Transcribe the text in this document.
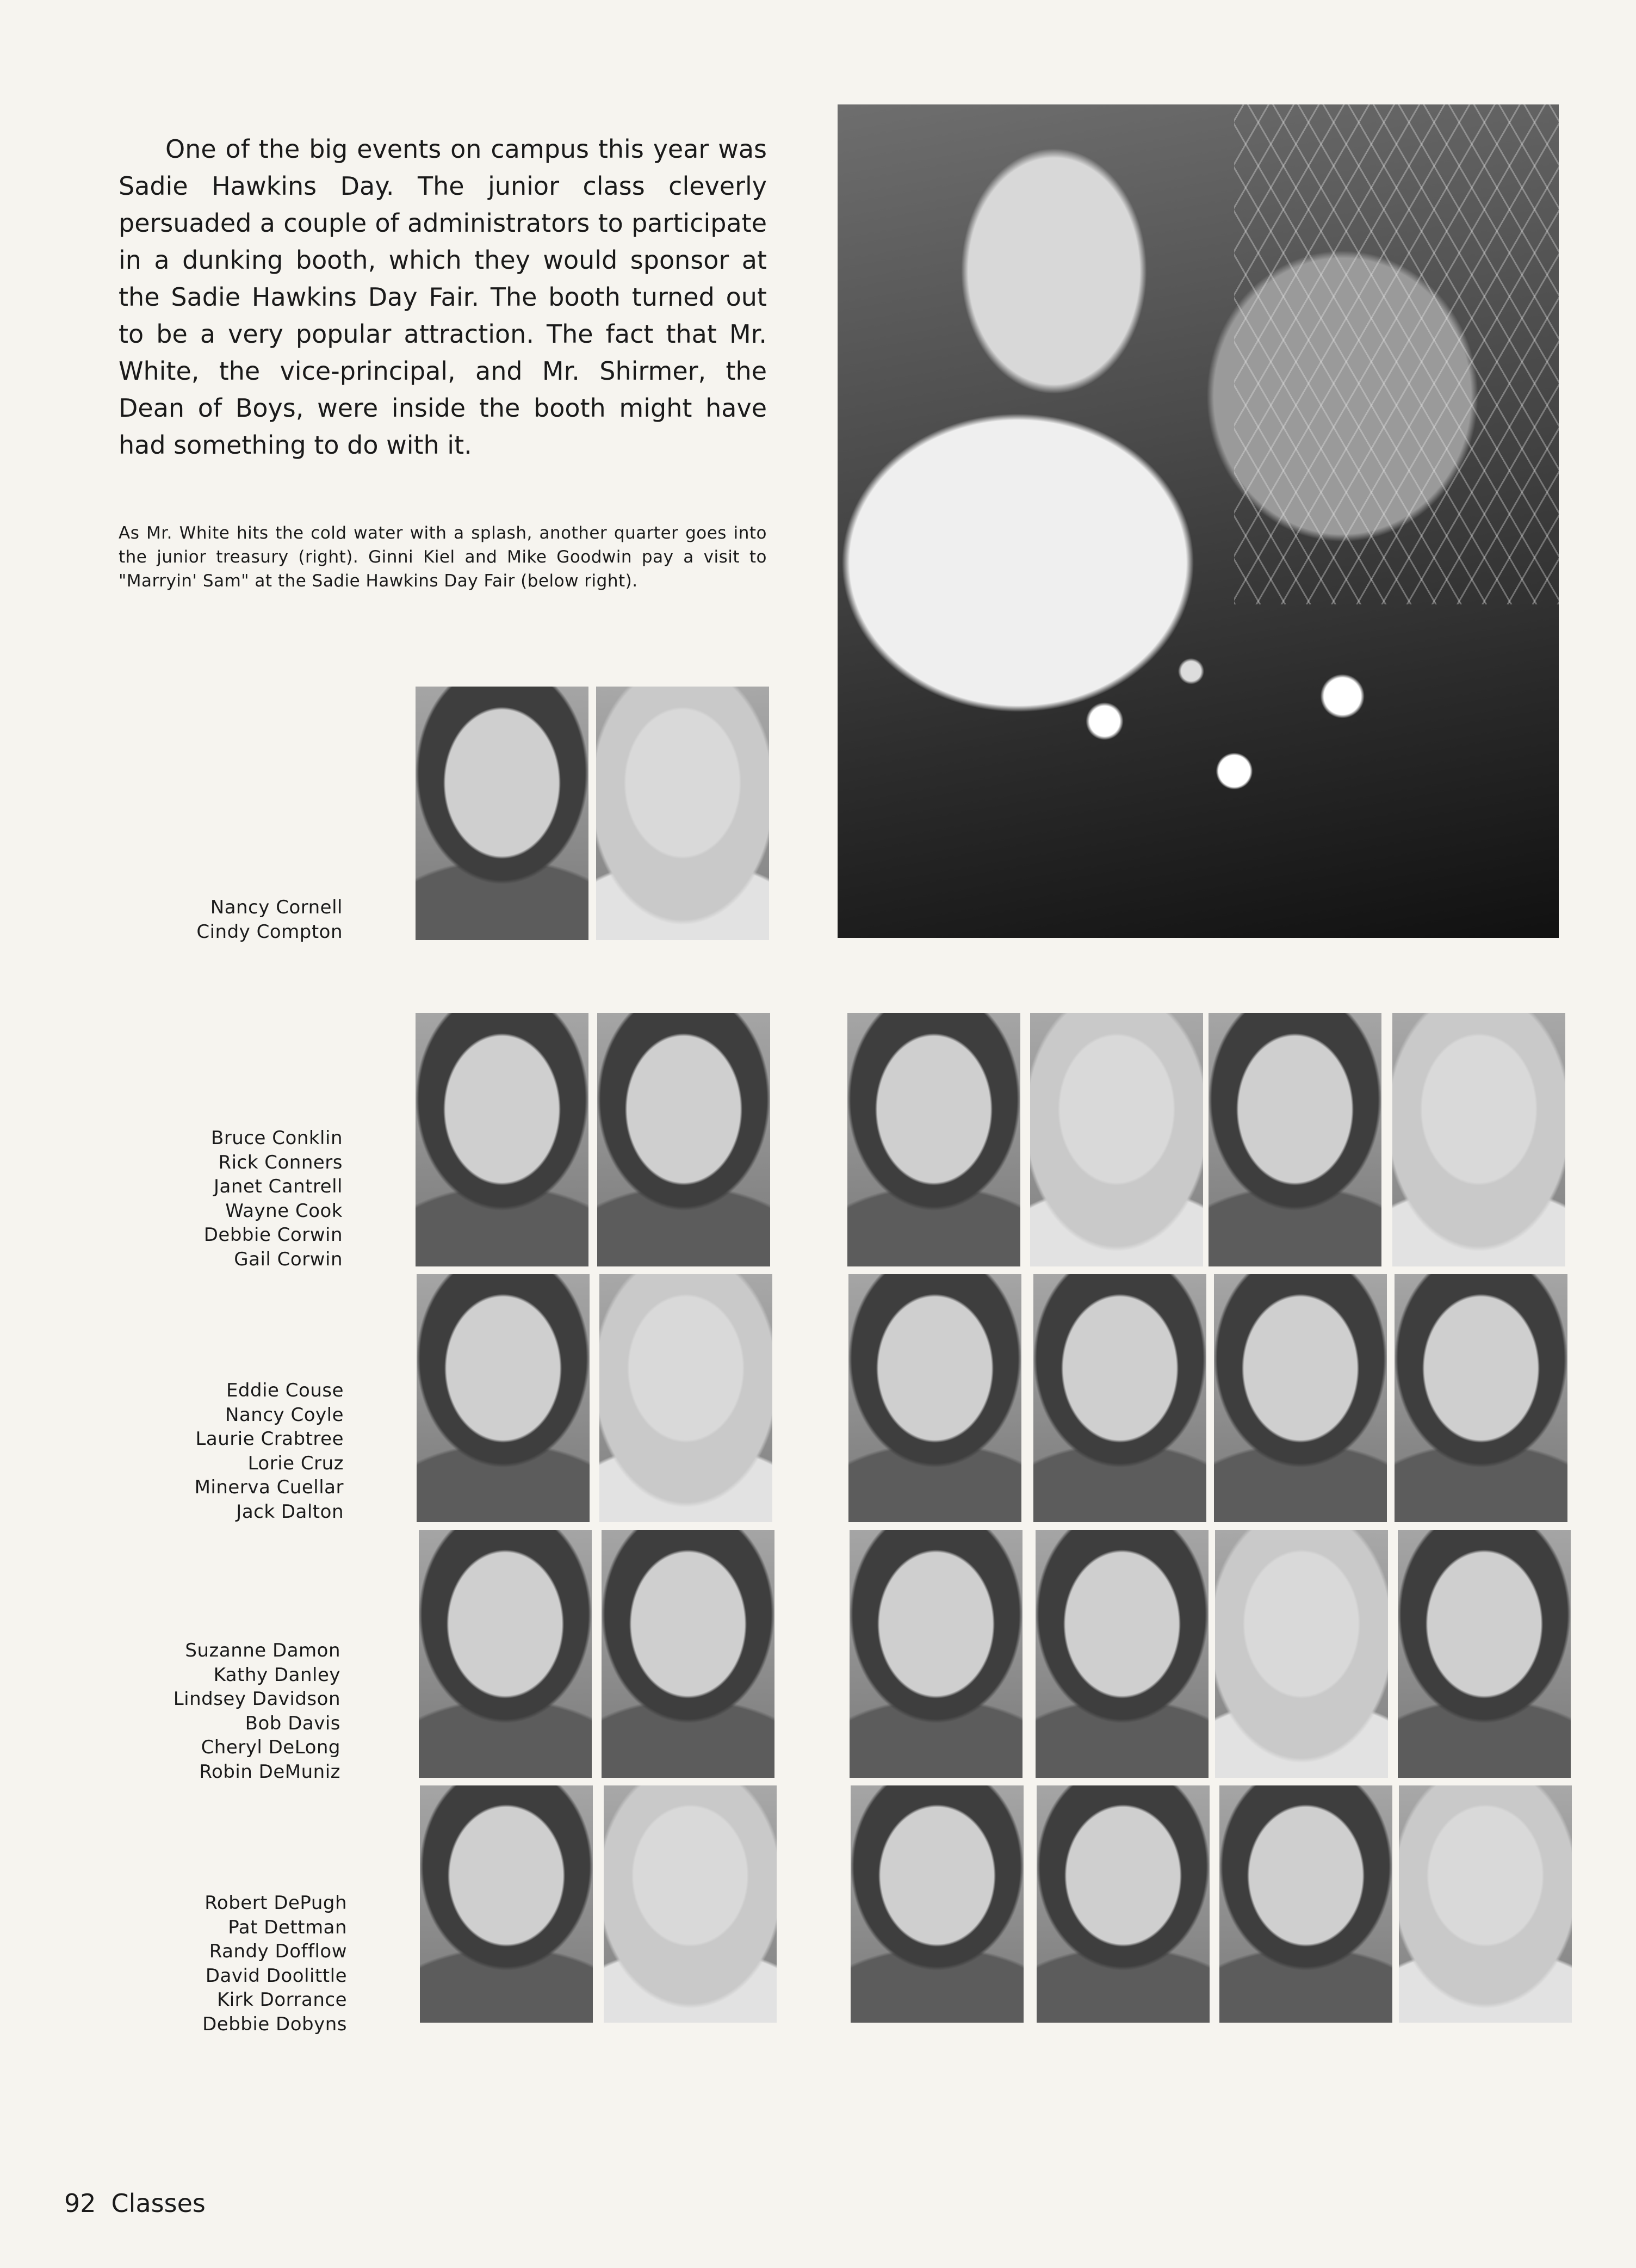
One of the big events on campus this year was Sadie Hawkins Day. The junior class cleverly persuaded a couple of administrators to participate in a dunking booth, which they would sponsor at the Sadie Hawkins Day Fair. The booth turned out to be a very popular attraction. The fact that Mr. White, the vice-principal, and Mr. Shirmer, the Dean of Boys, were inside the booth might have had something to do with it.

As Mr. White hits the cold water with a splash, another quarter goes into the junior treasury (right). Ginni Kiel and Mike Goodwin pay a visit to "Marryin' Sam" at the Sadie Hawkins Day Fair (below right).

Nancy Cornell
Cindy Compton
Bruce Conklin
Rick Conners
Janet Cantrell
Wayne Cook
Debbie Corwin
Gail Corwin
Eddie Couse
Nancy Coyle
Laurie Crabtree
Lorie Cruz
Minerva Cuellar
Jack Dalton
Suzanne Damon
Kathy Danley
Lindsey Davidson
Bob Davis
Cheryl DeLong
Robin DeMuniz
Robert DePugh
Pat Dettman
Randy Dofflow
David Doolittle
Kirk Dorrance
Debbie Dobyns
92 Classes
